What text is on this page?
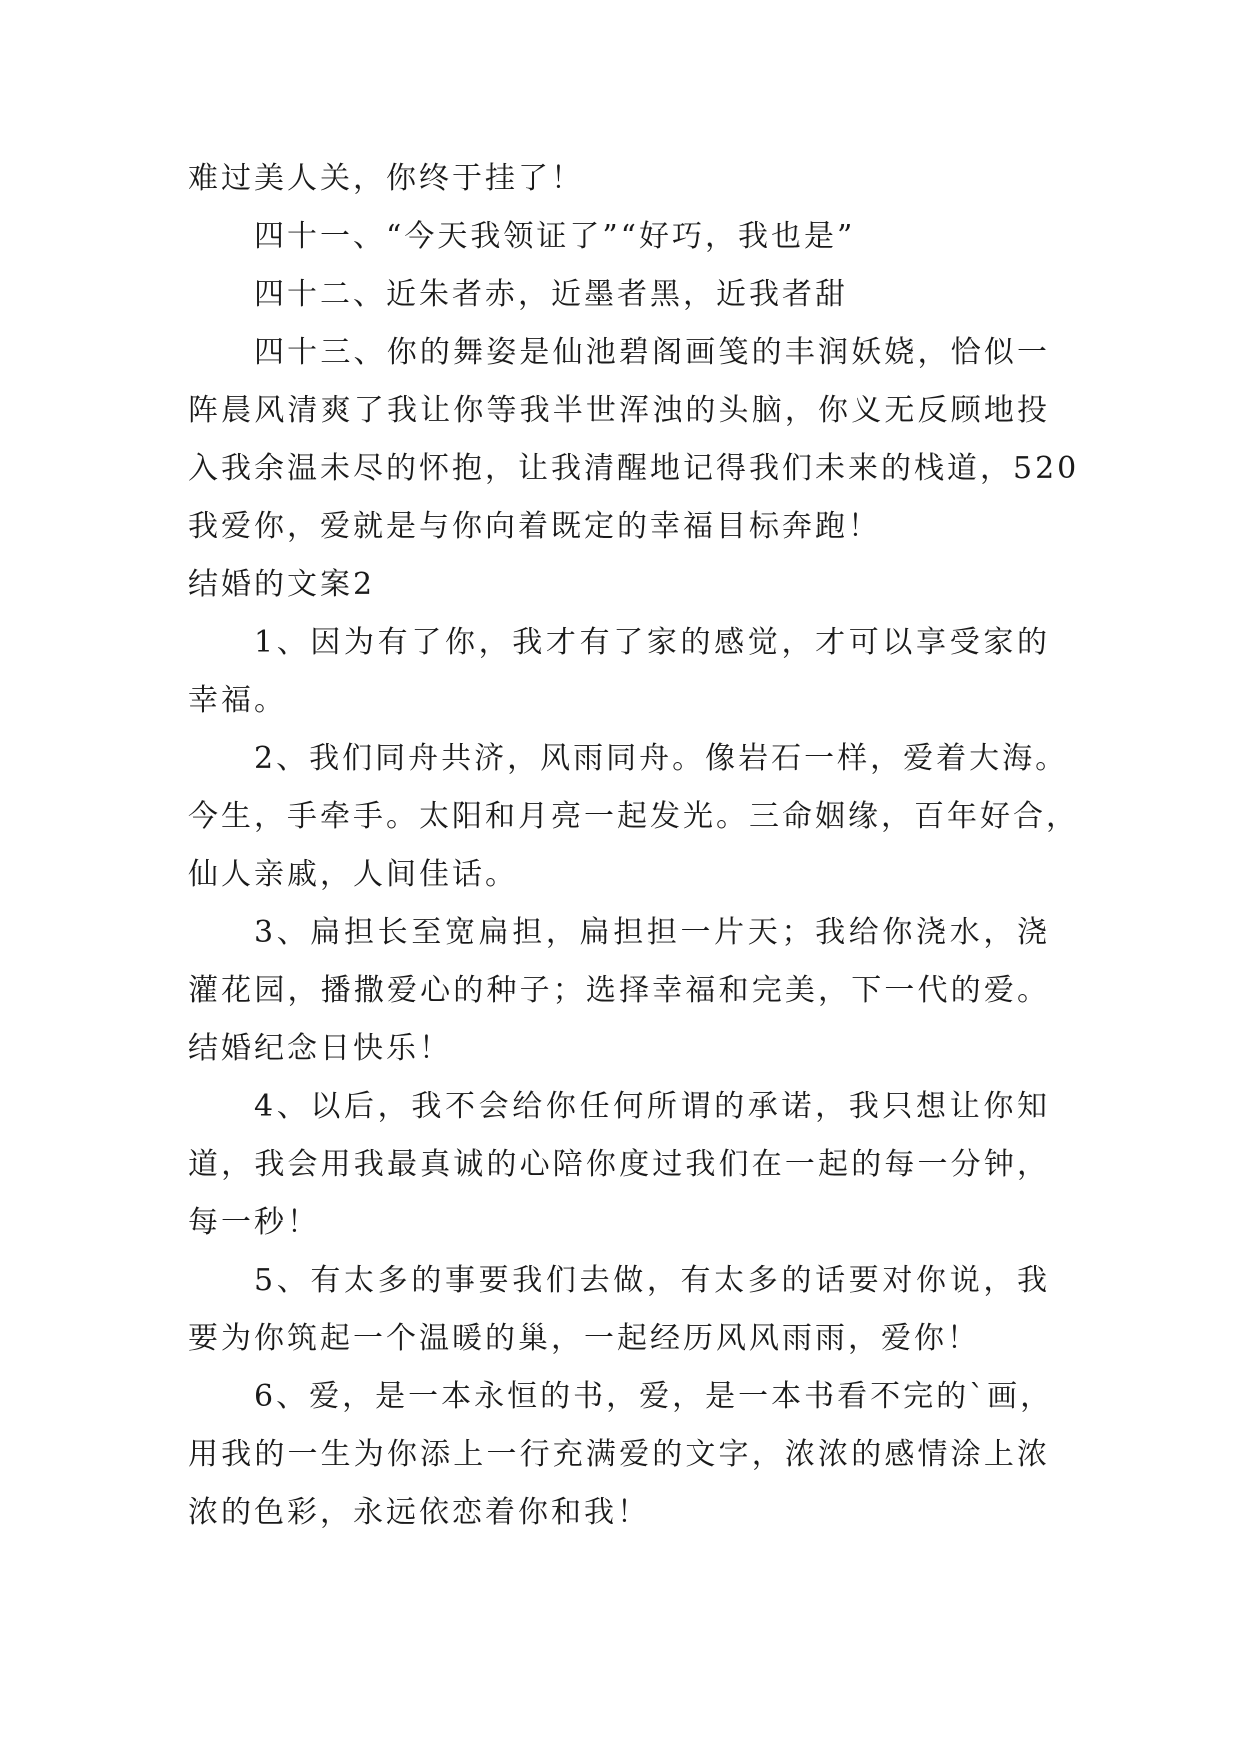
难过美人关，你终于挂了！
四十一、“今天我领证了”“好巧，我也是”
四十二、近朱者赤，近墨者黑，近我者甜
四十三、你的舞姿是仙池碧阁画笺的丰润妖娆，恰似一
阵晨风清爽了我让你等我半世浑浊的头脑，你义无反顾地投
入我余温未尽的怀抱，让我清醒地记得我们未来的栈道，520
我爱你，爱就是与你向着既定的幸福目标奔跑！
结婚的文案2
1、因为有了你，我才有了家的感觉，才可以享受家的
幸福。
2、我们同舟共济，风雨同舟。像岩石一样，爱着大海。
今生，手牵手。太阳和月亮一起发光。三命姻缘，百年好合，
仙人亲戚，人间佳话。
3、扁担长至宽扁担，扁担担一片天；我给你浇水，浇
灌花园，播撒爱心的种子；选择幸福和完美，下一代的爱。
结婚纪念日快乐！
4、以后，我不会给你任何所谓的承诺，我只想让你知
道，我会用我最真诚的心陪你度过我们在一起的每一分钟，
每一秒！
5、有太多的事要我们去做，有太多的话要对你说，我
要为你筑起一个温暖的巢，一起经历风风雨雨，爱你！
6、爱，是一本永恒的书，爱，是一本书看不完的`画，
用我的一生为你添上一行充满爱的文字，浓浓的感情涂上浓
浓的色彩，永远依恋着你和我！
